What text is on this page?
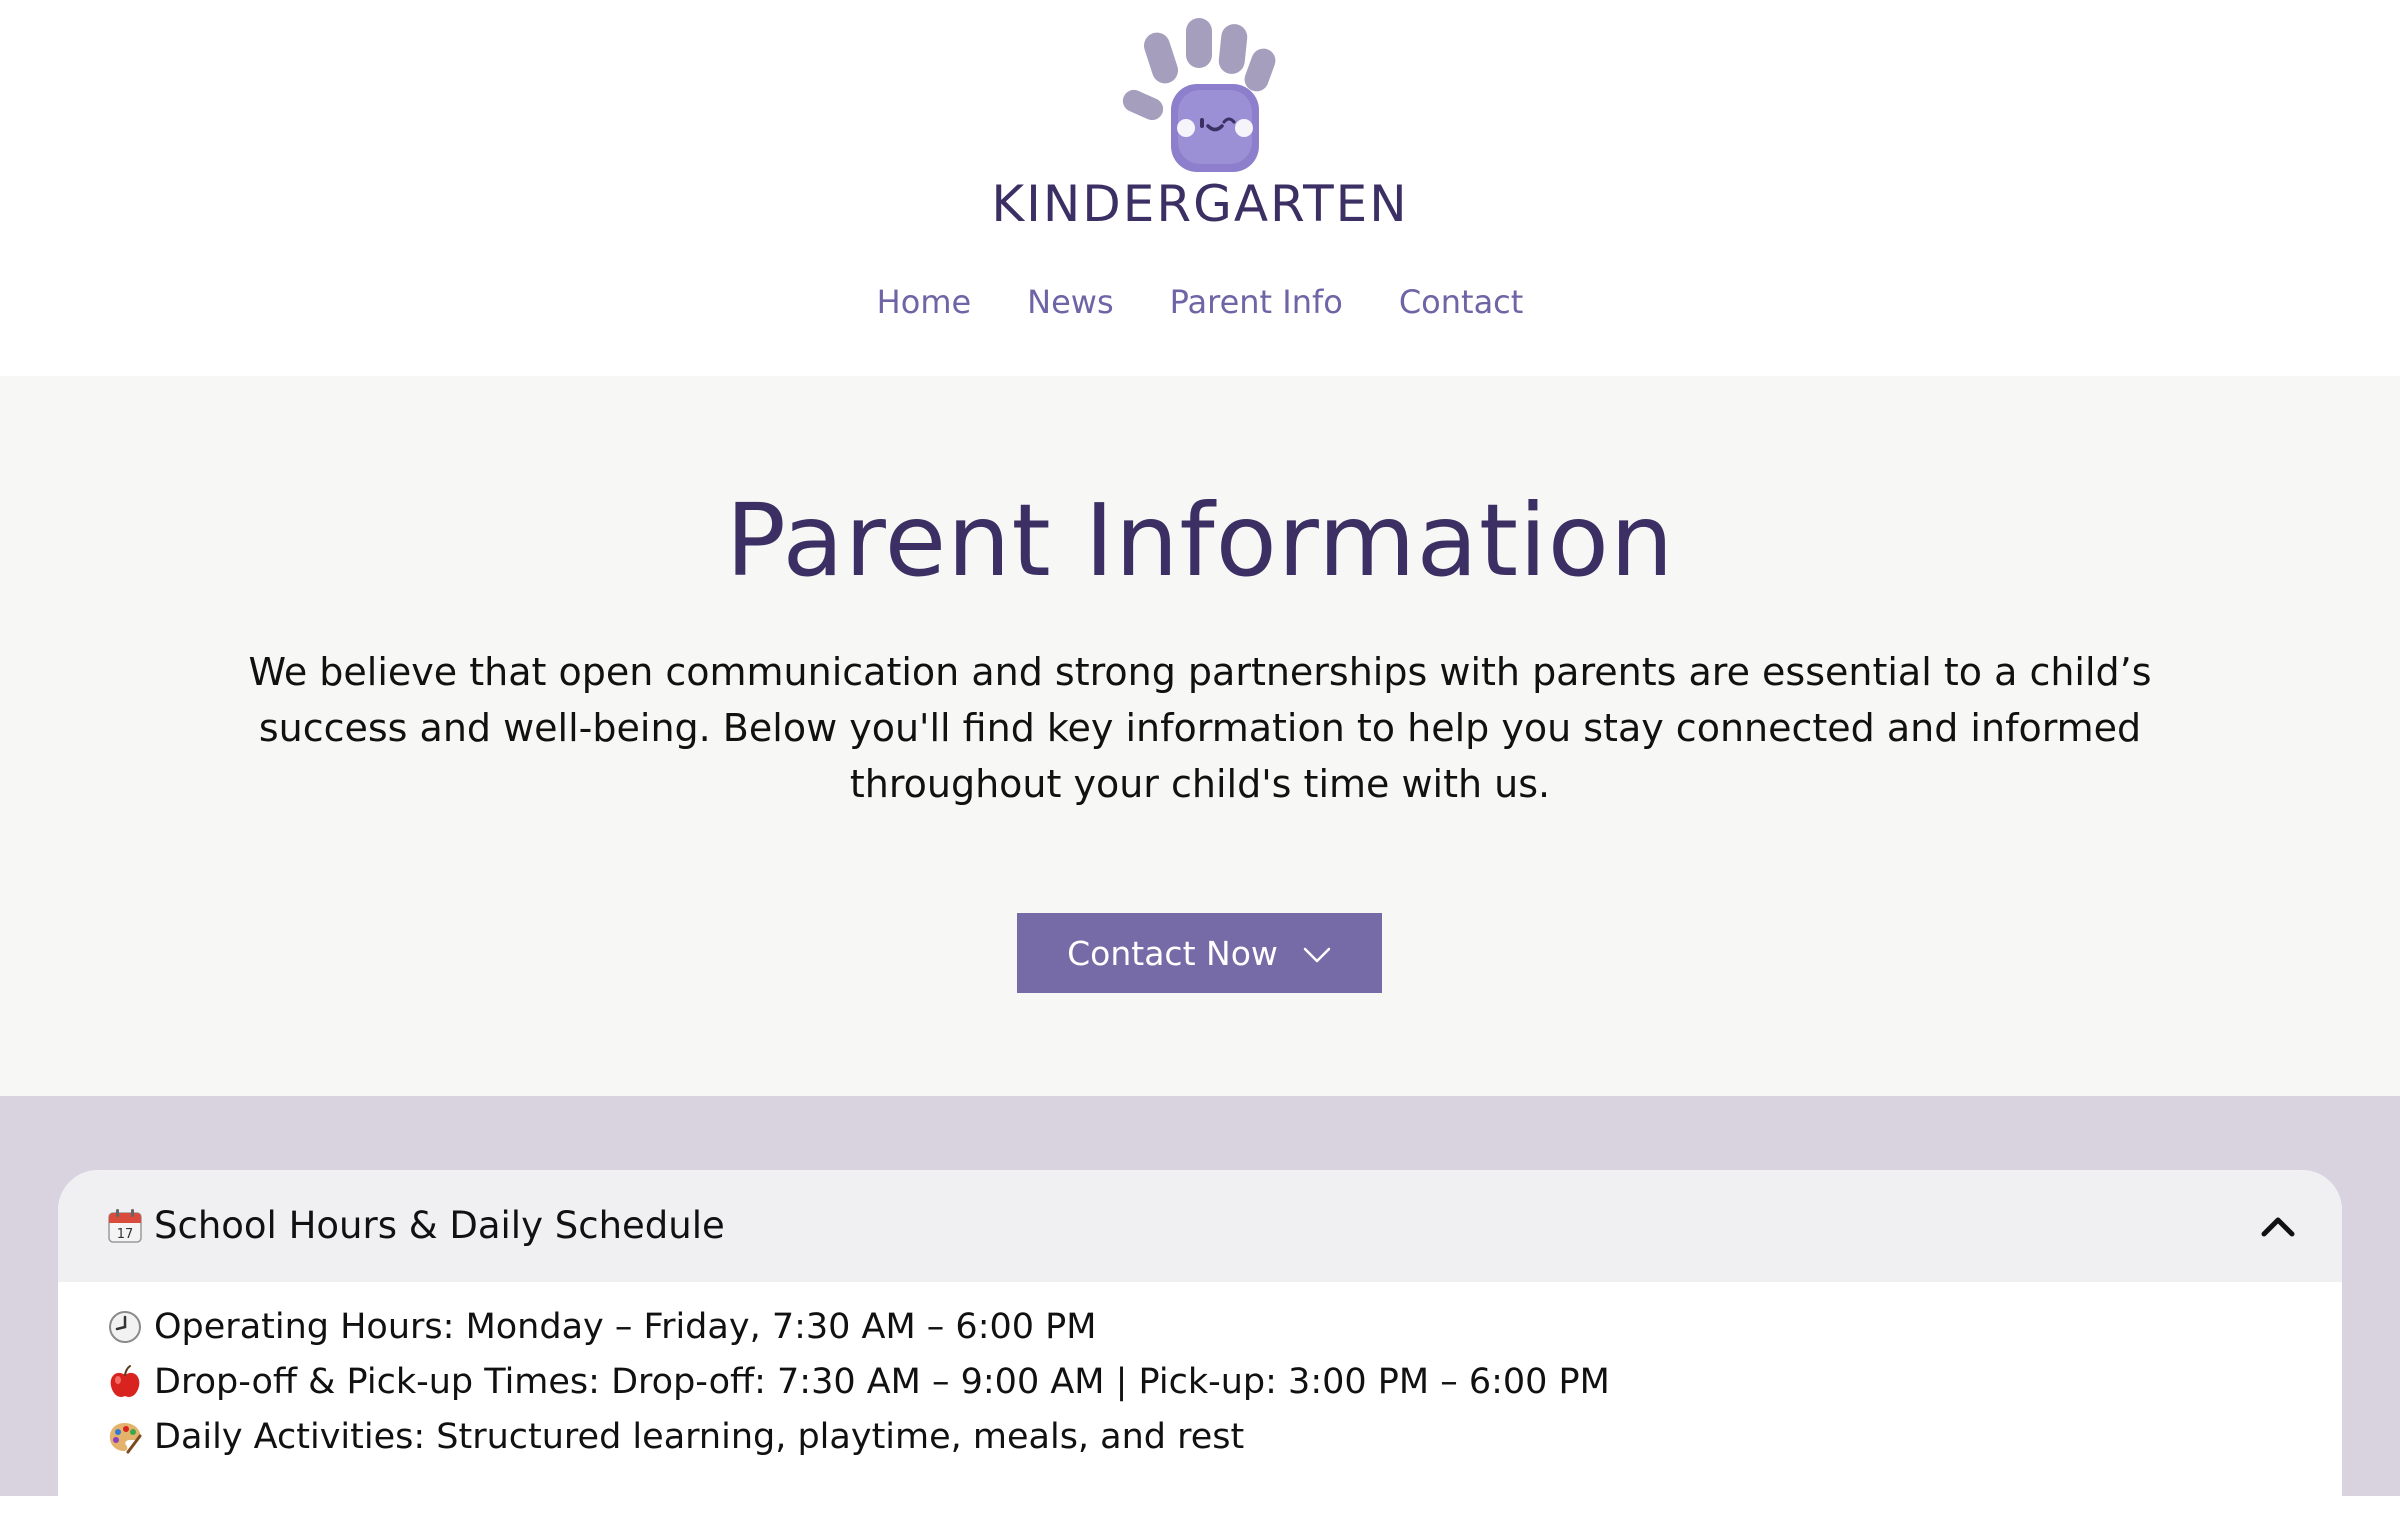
KINDERGARTEN
Home News Parent Info Contact
Parent Information

We believe that open communication and strong partnerships with parents are essential to a child’s success and well-being. Below you'll find key information to help you stay connected and informed throughout your child's time with us.

Contact Now
17 School Hours & Daily Schedule
Operating Hours: Monday – Friday, 7:30 AM – 6:00 PM
Drop-off & Pick-up Times: Drop-off: 7:30 AM – 9:00 AM | Pick-up: 3:00 PM – 6:00 PM
Daily Activities: Structured learning, playtime, meals, and rest
